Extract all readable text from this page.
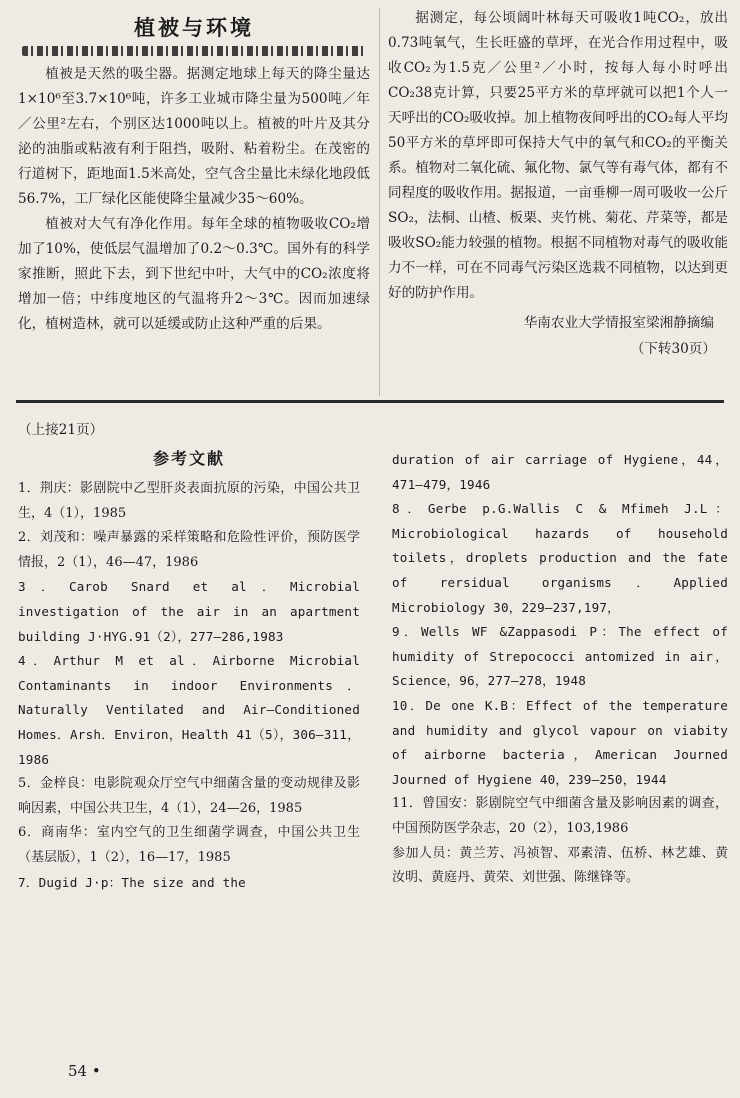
植被与环境

植被是天然的吸尘器。据测定地球上每天的降尘量达 1×10⁶至3.7×10⁶吨，许多工业城市降尘量为500吨／年／公里²左右，个别区达1000吨以上。植被的叶片及其分泌的油脂或粘液有利于阻挡，吸附、粘着粉尘。在茂密的行道树下，距地面1.5米高处，空气含尘量比未绿化地段低56.7%，工厂绿化区能使降尘量减少35～60%。

植被对大气有净化作用。每年全球的植物吸收CO₂增加了10%，使低层气温增加了0.2～0.3℃。国外有的科学家推断，照此下去，到下世纪中叶，大气中的CO₂浓度将增加一倍；中纬度地区的气温将升2～3℃。因而加速绿化，植树造林，就可以延缓或防止这种严重的后果。

据测定，每公顷阔叶林每天可吸收1吨CO₂，放出0.73吨氧气，生长旺盛的草坪，在光合作用过程中，吸收CO₂为1.5克／公里²／小时，按每人每小时呼出CO₂38克计算，只要25平方米的草坪就可以把1个人一天呼出的CO₂吸收掉。加上植物夜间呼出的CO₂每人平均50平方米的草坪即可保持大气中的氧气和CO₂的平衡关系。植物对二氧化硫、氟化物、氯气等有毒气体，都有不同程度的吸收作用。据报道，一亩垂柳一周可吸收一公斤SO₂，法桐、山楂、板栗、夹竹桃、菊花、芹菜等，都是吸收SO₂能力较强的植物。根据不同植物对毒气的吸收能力不一样，可在不同毒气污染区选栽不同植物，以达到更好的防护作用。

华南农业大学情报室梁湘静摘编

（下转30页）

（上接21页）

参考文献

1．荆庆：影剧院中乙型肝炎表面抗原的污染，中国公共卫生，4（1），1985

2．刘茂和：噪声暴露的采样策略和危险性评价，预防医学情报，2（1），46—47，1986

3．Carob Snard et al．Microbial investigation of the air in an apartment building J·HYG.91（2），277—286,1983

4．Arthur M et al．Airborne Microbial Contaminants in indoor Environments．Naturally Ventilated and Air—Conditioned Homes．Arsh．Environ，Health 41（5），306—311，1986

5．金梓良：电影院观众厅空气中细菌含量的变动规律及影响因素，中国公共卫生，4（1），24—26，1985

6．商南华：室内空气的卫生细菌学调查，中国公共卫生（基层版），1（2），16—17，1985

7．Dugid J·p：The size and the

duration of air carriage of Hygiene，44，471—479，1946

8．Gerbe p.G.Wallis C & Mfimeh J.L：Microbiological hazards of household toilets，droplets production and the fate of rersidual organisms．Applied Microbiology 30，229—237,197，

9．Wells WF &Zappasodi P：The effect of humidity of Strepococci antomized in air，Science，96，277—278，1948

10．De one K.B：Effect of the temperature and humidity and glycol vapour on viabity of airborne bacteria，American Journed Journed of Hygiene 40，239—250，1944

11．曾国安：影剧院空气中细菌含量及影响因素的调查，中国预防医学杂志，20（2），103,1986

参加人员：黄兰芳、冯祯智、邓素清、伍桥、林艺雄、黄汝明、黄庭丹、黄荣、刘世强、陈继锋等。

54 •
